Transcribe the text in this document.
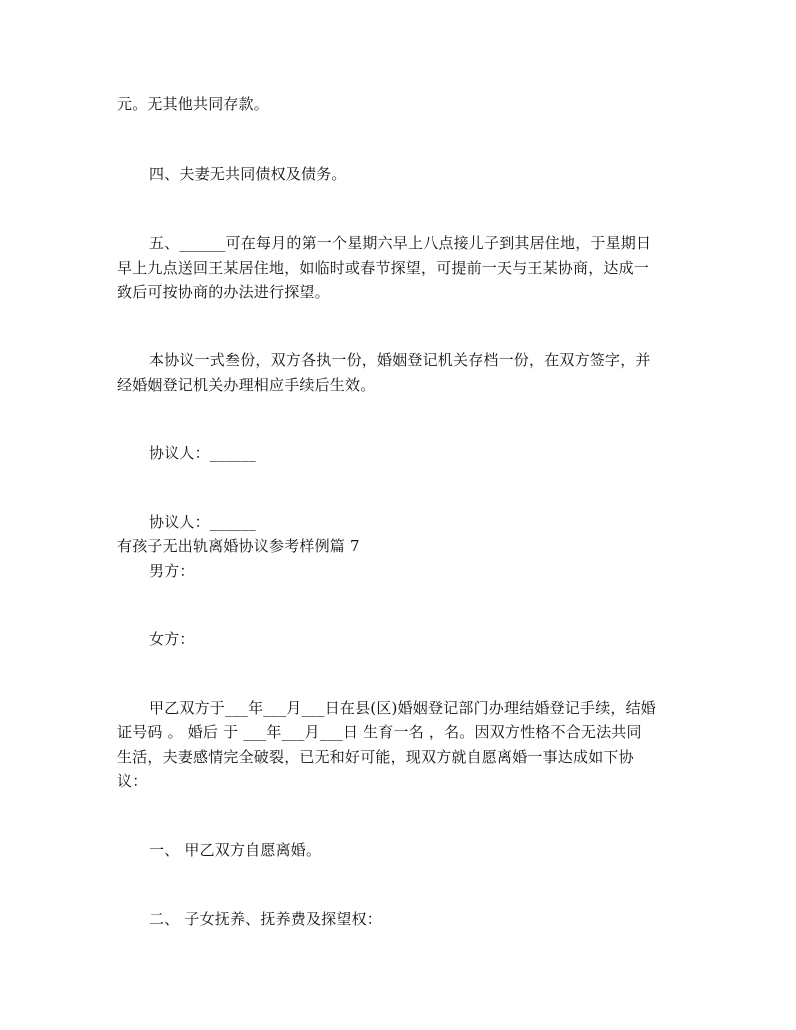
元。无其他共同存款。
四、夫妻无共同债权及债务。
五、______可在每月的第一个星期六早上八点接儿子到其居住地，于星期日
早上九点送回王某居住地，如临时或春节探望，可提前一天与王某协商，达成一
致后可按协商的办法进行探望。
本协议一式叁份，双方各执一份，婚姻登记机关存档一份，在双方签字，并
经婚姻登记机关办理相应手续后生效。
协议人：______
协议人：______
有孩子无出轨离婚协议参考样例篇 7
男方：
女方：
甲乙双方于___年___月___日在县(区)婚姻登记部门办理结婚登记手续，结婚
证号码 。 婚后 于 ___年___月___日 生育一名 ，名。因双方性格不合无法共同
生活，夫妻感情完全破裂，已无和好可能，现双方就自愿离婚一事达成如下协
议：
一、 甲乙双方自愿离婚。
二、 子女抚养、抚养费及探望权：
